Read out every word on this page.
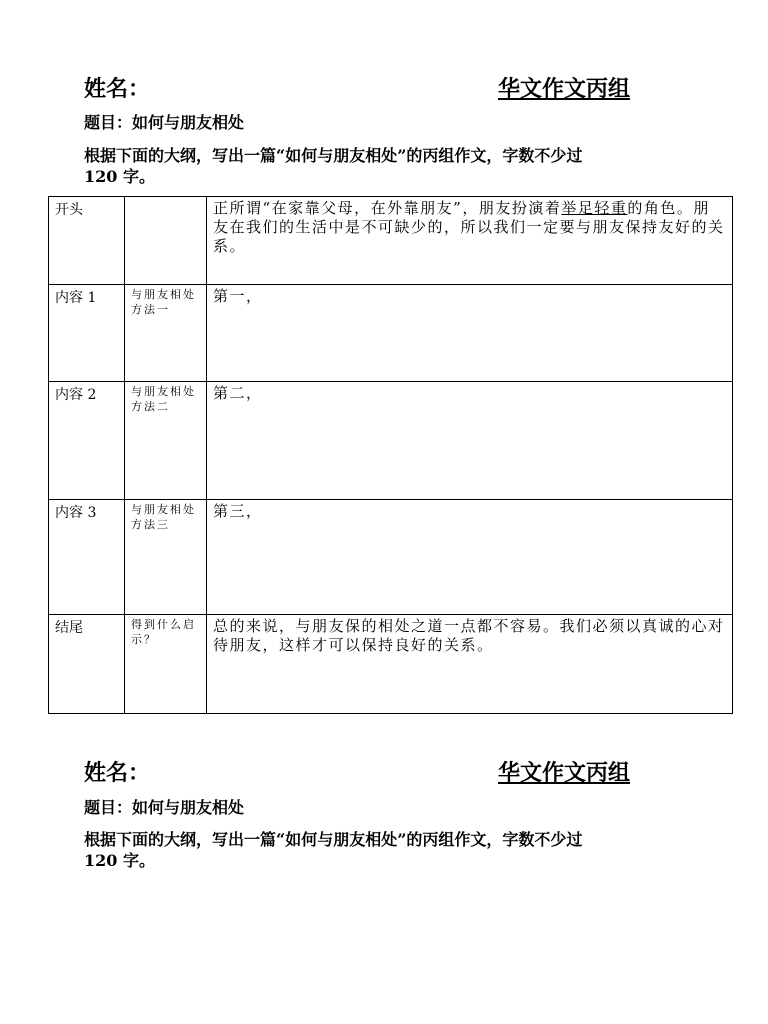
姓名：	华文作文丙组
题目：如何与朋友相处
根据下面的大纲，写出一篇“如何与朋友相处”的丙组作文，字数不少过
120 字。
开头		正所谓“在家靠父母，在外靠朋友”，朋友扮演着举足轻重的角色。朋友在我们的生活中是不可缺少的，所以我们一定要与朋友保持友好的关系。
内容 1	与朋友相处方法一	第一，
内容 2	与朋友相处方法二	第二，
内容 3	与朋友相处方法三	第三，
结尾	得到什么启示？	总的来说，与朋友保的相处之道一点都不容易。我们必须以真诚的心对待朋友，这样才可以保持良好的关系。
姓名：	华文作文丙组
题目：如何与朋友相处
根据下面的大纲，写出一篇“如何与朋友相处”的丙组作文，字数不少过
120 字。
